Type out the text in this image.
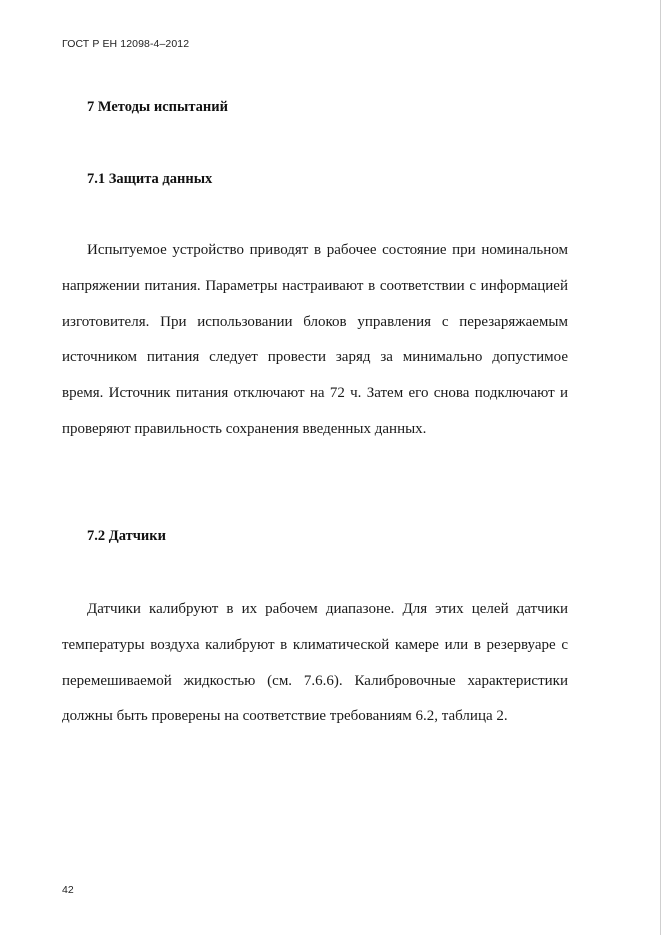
ГОСТ Р ЕН 12098-4–2012
7 Методы испытаний
7.1 Защита данных

Испытуемое устройство приводят в рабочее состояние при номинальном напряжении питания. Параметры настраивают в соответствии с информацией изготовителя. При использовании блоков управления с перезаряжаемым источником питания следует провести заряд за минимально допустимое время. Источник питания отключают на 72 ч. Затем его снова подключают и проверяют правильность сохранения введенных данных.

7.2 Датчики

Датчики калибруют в их рабочем диапазоне. Для этих целей датчики температуры воздуха калибруют в климатической камере или в резервуаре с перемешиваемой жидкостью (см. 7.6.6). Калибровочные характеристики должны быть проверены на соответствие требованиям 6.2, таблица 2.

42
